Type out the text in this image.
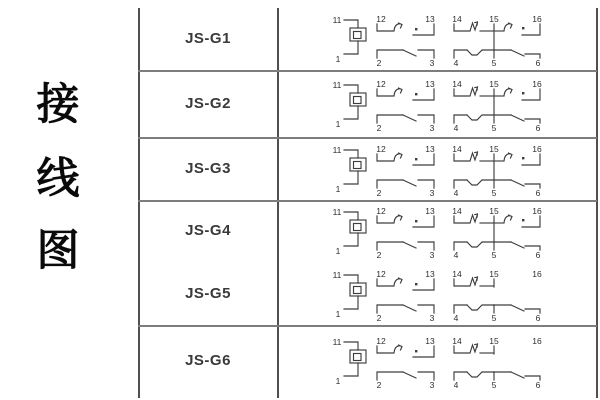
接
线
图
JS-G1
11
1
12	13
2	3
14	15	16
4	5	6
JS-G2
11
1
12	13
2	3
14	15	16
4	5	6
JS-G3
11
1
12	13
2	3
14	15	16
4	5	6
JS-G4
11
1
12	13
2	3
14	15	16
4	5	6
JS-G5
11
1
12	13
2	3
14	15	16
4	5	6
JS-G6
11
1
12	13
2	3
14	15	16
4	5	6
